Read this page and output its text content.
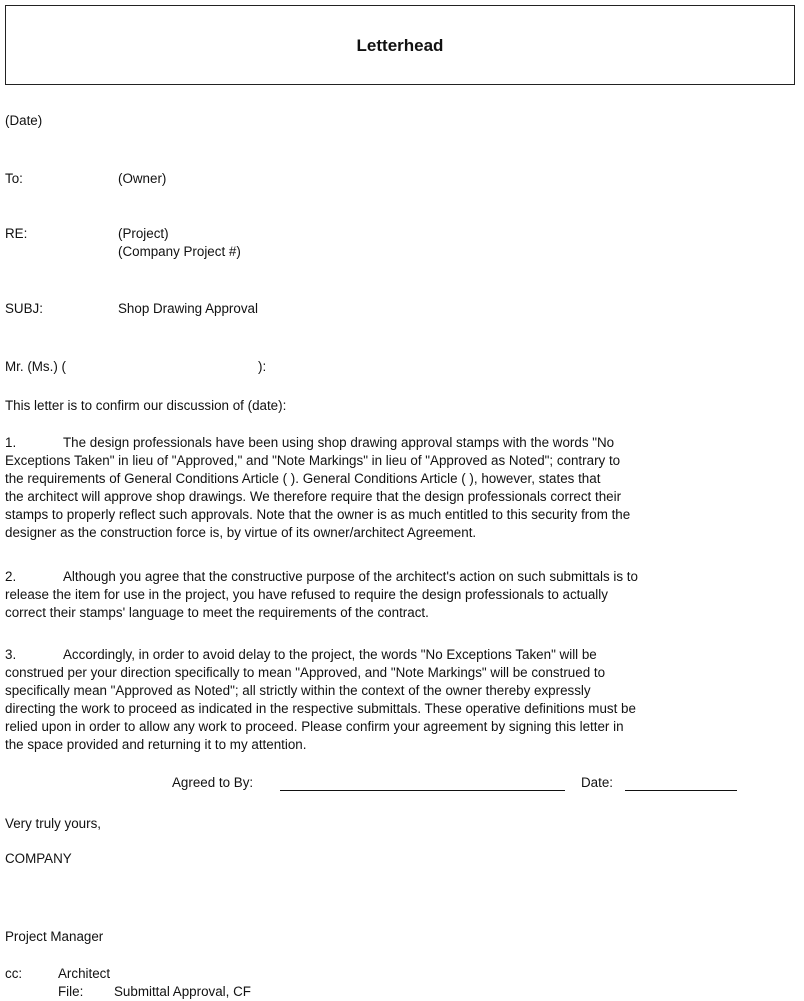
Letterhead
(Date)
To:	(Owner)
RE:	(Project)
(Company Project #)
SUBJ:	Shop Drawing Approval
Mr. (Ms.) (	):
This letter is to confirm our discussion of (date):
1.	The design professionals have been using shop drawing approval stamps with the words "No
Exceptions Taken" in lieu of "Approved," and "Note Markings" in lieu of "Approved as Noted"; contrary to
the requirements of General Conditions Article ( ). General Conditions Article ( ), however, states that
the architect will approve shop drawings. We therefore require that the design professionals correct their
stamps to properly reflect such approvals. Note that the owner is as much entitled to this security from the
designer as the construction force is, by virtue of its owner/architect Agreement.
2.	Although you agree that the constructive purpose of the architect's action on such submittals is to
release the item for use in the project, you have refused to require the design professionals to actually
correct their stamps' language to meet the requirements of the contract.
3.	Accordingly, in order to avoid delay to the project, the words "No Exceptions Taken" will be
construed per your direction specifically to mean "Approved, and "Note Markings" will be construed to
specifically mean "Approved as Noted"; all strictly within the context of the owner thereby expressly
directing the work to proceed as indicated in the respective submittals. These operative definitions must be
relied upon in order to allow any work to proceed. Please confirm your agreement by signing this letter in
the space provided and returning it to my attention.
Agreed to By:	Date:
Very truly yours,
COMPANY
Project Manager
cc:	Architect
File: Submittal Approval, CF
